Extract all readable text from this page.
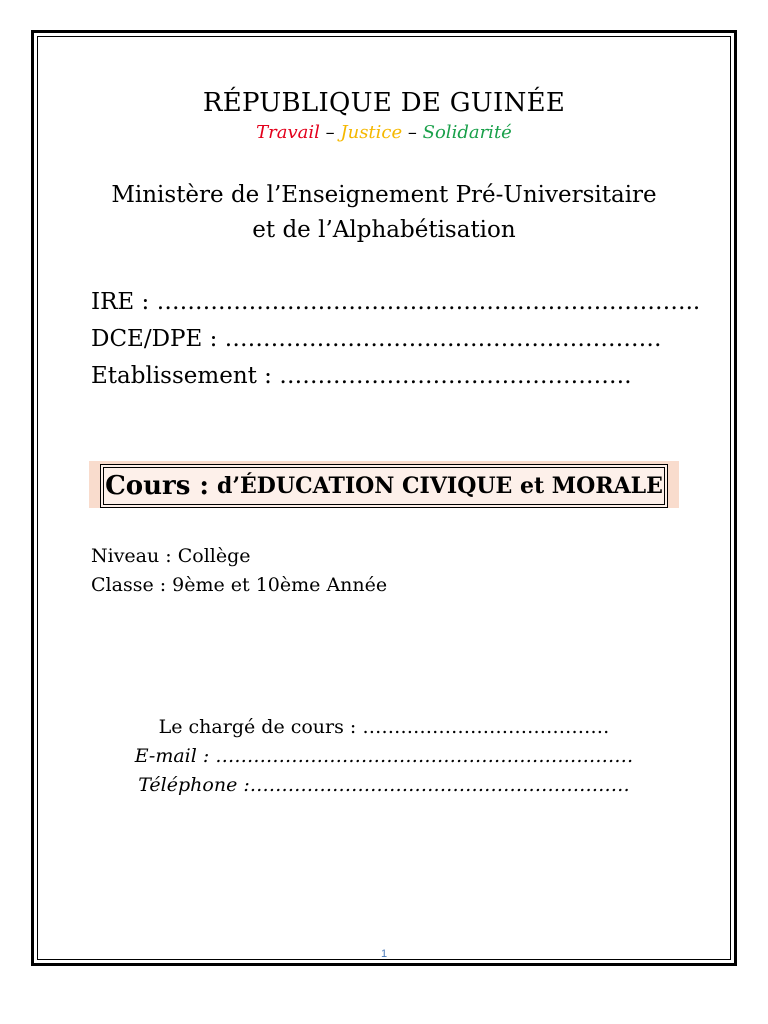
RÉPUBLIQUE DE GUINÉE
Travail – Justice – Solidarité
Ministère de l’Enseignement Pré-Universitaire
et de l’Alphabétisation
IRE : ……………………………………………………………..
DCE/DPE : …………………………………………………
Etablissement : ……………………………………….
Cours : d’ÉDUCATION CIVIQUE et MORALE
Niveau : Collège
Classe : 9ème et 10ème Année
Le chargé de cours : …………………………………
E-mail : …………………………………………………………
Téléphone :……………………………………………………
1
